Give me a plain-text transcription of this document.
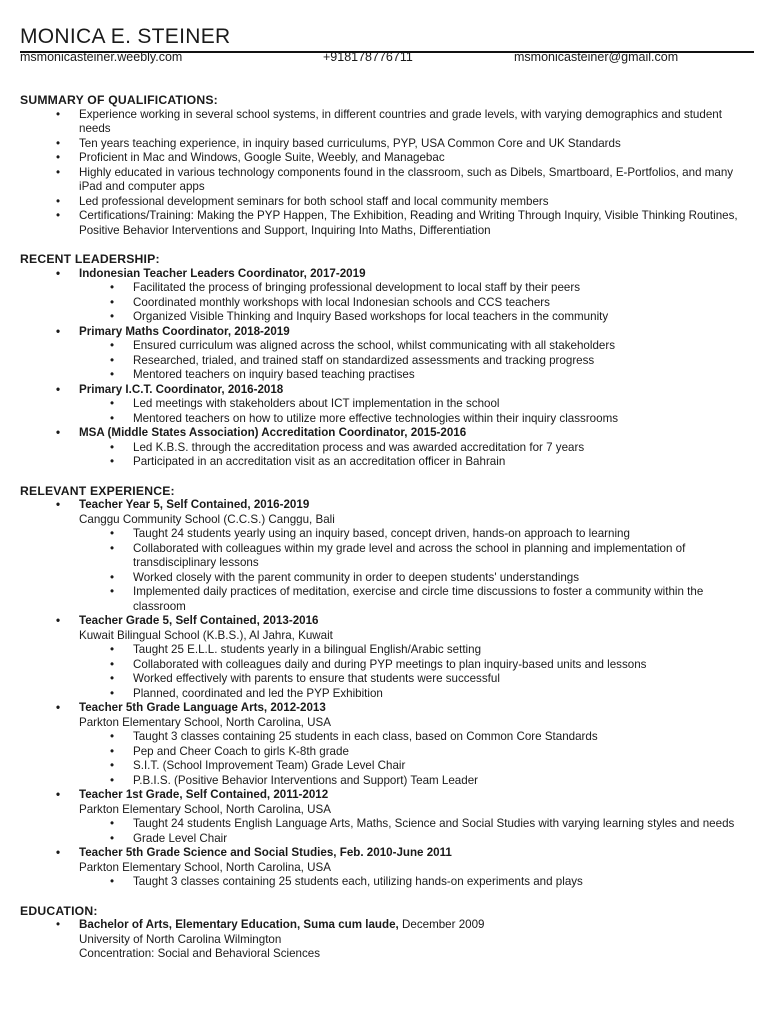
MONICA E. STEINER
msmonicasteiner.weebly.com	+918178776711	msmonicasteiner@gmail.com
SUMMARY OF QUALIFICATIONS:
• Experience working in several school systems, in different countries and grade levels, with varying demographics and student needs
• Ten years teaching experience, in inquiry based curriculums, PYP, USA Common Core and UK Standards
• Proficient in Mac and Windows, Google Suite, Weebly, and Managebac
• Highly educated in various technology components found in the classroom, such as Dibels, Smartboard, E-Portfolios, and many iPad and computer apps
• Led professional development seminars for both school staff and local community members
• Certifications/Training: Making the PYP Happen, The Exhibition, Reading and Writing Through Inquiry, Visible Thinking Routines, Positive Behavior Interventions and Support, Inquiring Into Maths, Differentiation
RECENT LEADERSHIP:
• Indonesian Teacher Leaders Coordinator, 2017-2019
• Facilitated the process of bringing professional development to local staff by their peers
• Coordinated monthly workshops with local Indonesian schools and CCS teachers
• Organized Visible Thinking and Inquiry Based workshops for local teachers in the community
• Primary Maths Coordinator, 2018-2019
• Ensured curriculum was aligned across the school, whilst communicating with all stakeholders
• Researched, trialed, and trained staff on standardized assessments and tracking progress
• Mentored teachers on inquiry based teaching practises
• Primary I.C.T. Coordinator, 2016-2018
• Led meetings with stakeholders about ICT implementation in the school
• Mentored teachers on how to utilize more effective technologies within their inquiry classrooms
• MSA (Middle States Association) Accreditation Coordinator, 2015-2016
• Led K.B.S. through the accreditation process and was awarded accreditation for 7 years
• Participated in an accreditation visit as an accreditation officer in Bahrain
RELEVANT EXPERIENCE:
• Teacher Year 5, Self Contained, 2016-2019
Canggu Community School (C.C.S.) Canggu, Bali
• Taught 24 students yearly using an inquiry based, concept driven, hands-on approach to learning
• Collaborated with colleagues within my grade level and across the school in planning and implementation of transdisciplinary lessons
• Worked closely with the parent community in order to deepen students' understandings
• Implemented daily practices of meditation, exercise and circle time discussions to foster a community within the classroom
• Teacher Grade 5, Self Contained, 2013-2016
Kuwait Bilingual School (K.B.S.), Al Jahra, Kuwait
• Taught 25 E.L.L. students yearly in a bilingual English/Arabic setting
• Collaborated with colleagues daily and during PYP meetings to plan inquiry-based units and lessons
• Worked effectively with parents to ensure that students were successful
• Planned, coordinated and led the PYP Exhibition
• Teacher 5th Grade Language Arts, 2012-2013
Parkton Elementary School, North Carolina, USA
• Taught 3 classes containing 25 students in each class, based on Common Core Standards
• Pep and Cheer Coach to girls K-8th grade
• S.I.T. (School Improvement Team) Grade Level Chair
• P.B.I.S. (Positive Behavior Interventions and Support) Team Leader
• Teacher 1st Grade, Self Contained, 2011-2012
Parkton Elementary School, North Carolina, USA
• Taught 24 students English Language Arts, Maths, Science and Social Studies with varying learning styles and needs
• Grade Level Chair
• Teacher 5th Grade Science and Social Studies, Feb. 2010-June 2011
Parkton Elementary School, North Carolina, USA
• Taught 3 classes containing 25 students each, utilizing hands-on experiments and plays
EDUCATION:
• Bachelor of Arts, Elementary Education, Suma cum laude, December 2009
University of North Carolina Wilmington
Concentration: Social and Behavioral Sciences
